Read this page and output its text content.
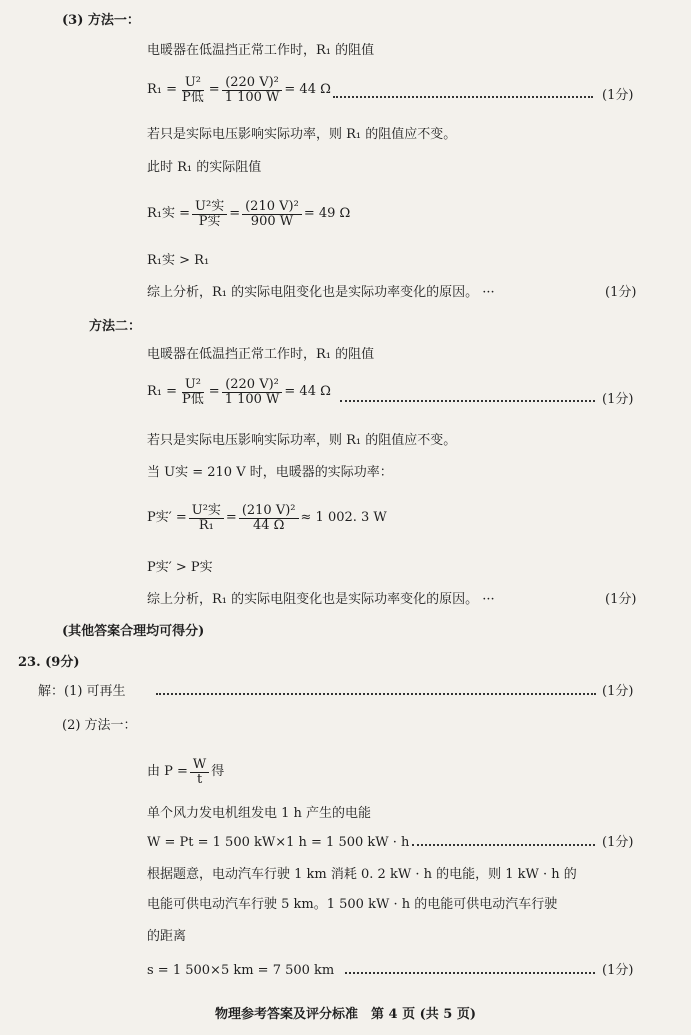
(3) 方法一：
电暖器在低温挡正常工作时，R₁ 的阻值
$R_1 = \frac{\text{U²}}{\text{P低}} = \frac{\text{(220 V)²}}{1 100 W} = 44$ Ω	(1分)
若只是实际电压影响实际功率，则 R₁ 的阻值应不变。
此时 R₁ 的实际阻值
R₁实 = $\frac{\text{U²实}}{\text{P实}} = \frac{\text{(210 V)²}}{900 W} = 49$ Ω
R₁实 > R₁
综上分析，R₁ 的实际电阻变化也是实际功率变化的原因。 ···	(1分)
方法二：
电暖器在低温挡正常工作时，R₁ 的阻值
$R_1 = \frac{\text{U²}}{\text{P低}} = \frac{\text{(220 V)²}}{1 100 W} = 44$ Ω
(1分)
若只是实际电压影响实际功率，则 R₁ 的阻值应不变。
当 U实 = 210 V 时，电暖器的实际功率：
P实′ = $\frac{\text{U²实}}{\text{R₁}} = \frac{\text{(210 V)²}}{44 \Omega} \approx 1$ 002. 3 W
P实′ > P实
综上分析，R₁ 的实际电阻变化也是实际功率变化的原因。 ···	(1分)
(其他答案合理均可得分)
23. (9分)
解：(1) 可再生	(1分)
(2) 方法一：
由 $P = \frac{W}{t}$ 得
单个风力发电机组发电 1 h 产生的电能
W = Pt = 1 500 kW×1 h = 1 500 kW · h	(1分)
根据题意，电动汽车行驶 1 km 消耗 0. 2 kW · h 的电能，则 1 kW · h 的
电能可供电动汽车行驶 5 km。1 500 kW · h 的电能可供电动汽车行驶
的距离
s = 1 500×5 km = 7 500 km	(1分)
物理参考答案及评分标准　第 4 页 (共 5 页)
